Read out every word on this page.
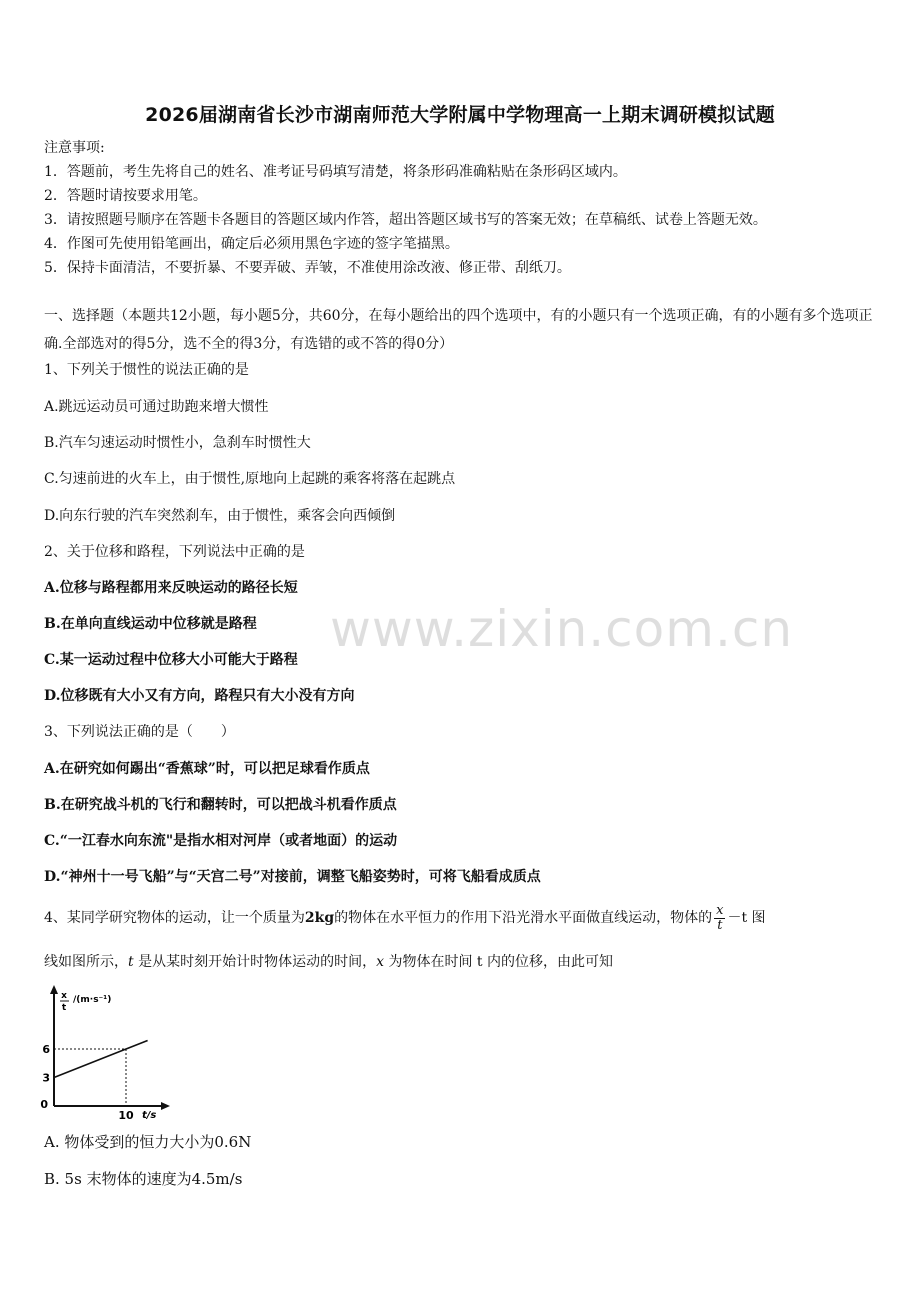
2026届湖南省长沙市湖南师范大学附属中学物理高一上期末调研模拟试题
注意事项:
1．答题前，考生先将自己的姓名、准考证号码填写清楚，将条形码准确粘贴在条形码区域内。
2．答题时请按要求用笔。
3．请按照题号顺序在答题卡各题目的答题区域内作答，超出答题区域书写的答案无效；在草稿纸、试卷上答题无效。
4．作图可先使用铅笔画出，确定后必须用黑色字迹的签字笔描黑。
5．保持卡面清洁，不要折暴、不要弄破、弄皱，不准使用涂改液、修正带、刮纸刀。
一、选择题（本题共12小题，每小题5分，共60分，在每小题给出的四个选项中，有的小题只有一个选项正确，有的小题有多个选项正确.全部选对的得5分，选不全的得3分，有选错的或不答的得0分）
1、下列关于惯性的说法正确的是
A.跳远运动员可通过助跑来增大惯性
B.汽车匀速运动时惯性小，急刹车时惯性大
C.匀速前进的火车上，由于惯性,原地向上起跳的乘客将落在起跳点
D.向东行驶的汽车突然刹车，由于惯性，乘客会向西倾倒
2、关于位移和路程，下列说法中正确的是
A.位移与路程都用来反映运动的路径长短
B.在单向直线运动中位移就是路程
C.某一运动过程中位移大小可能大于路程
D.位移既有大小又有方向，路程只有大小没有方向
3、下列说法正确的是（　　）
A.在研究如何踢出“香蕉球”时，可以把足球看作质点
B.在研究战斗机的飞行和翻转时，可以把战斗机看作质点
C.“一江春水向东流"是指水相对河岸（或者地面）的运动
D.“神州十一号飞船”与“天宫二号”对接前，调整飞船姿势时，可将飞船看成质点
4、某同学研究物体的运动，让一个质量为2kg的物体在水平恒力的作用下沿光滑水平面做直线运动，物体的 $\frac{x}{t} -t$ 图
线如图所示，t 是从某时刻开始计时物体运动的时间，x 为物体在时间 t 内的位移，由此可知
x
t
/(m·s⁻¹)
t/s
0
3
6
10
A. 物体受到的恒力大小为0.6N
B. 5s 末物体的速度为4.5m/s
www.zixin.com.cn
